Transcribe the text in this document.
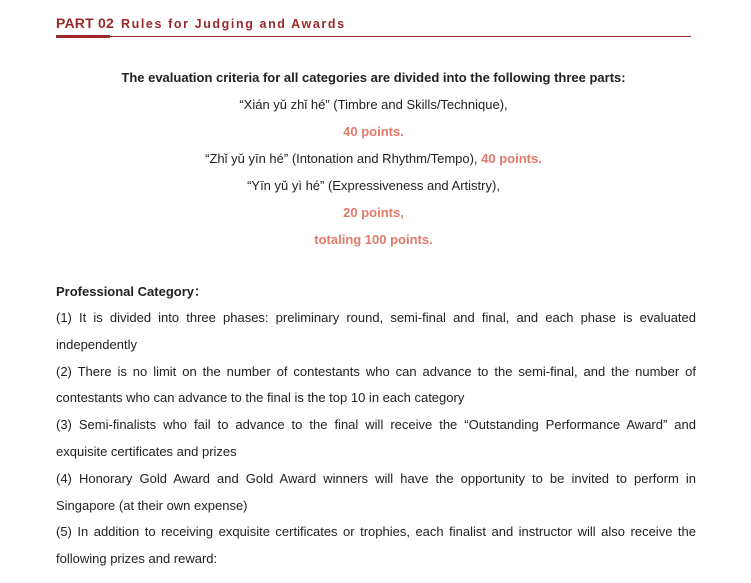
PART 02 Rules for Judging and Awards
The evaluation criteria for all categories are divided into the following three parts:
“Xián yǔ zhǐ hé” (Timbre and Skills/Technique),
40 points.
“Zhǐ yǔ yīn hé” (Intonation and Rhythm/Tempo), 40 points.
“Yīn yǔ yì hé” (Expressiveness and Artistry),
20 points,
totaling 100 points.
Professional Category：
(1) It is divided into three phases: preliminary round, semi-final and final, and each phase is evaluated independently
(2) There is no limit on the number of contestants who can advance to the semi-final, and the number of contestants who can advance to the final is the top 10 in each category
(3) Semi-finalists who fail to advance to the final will receive the “Outstanding Performance Award” and exquisite certificates and prizes
(4) Honorary Gold Award and Gold Award winners will have the opportunity to be invited to perform in Singapore (at their own expense)
(5) In addition to receiving exquisite certificates or trophies, each finalist and instructor will also receive the following prizes and reward:
